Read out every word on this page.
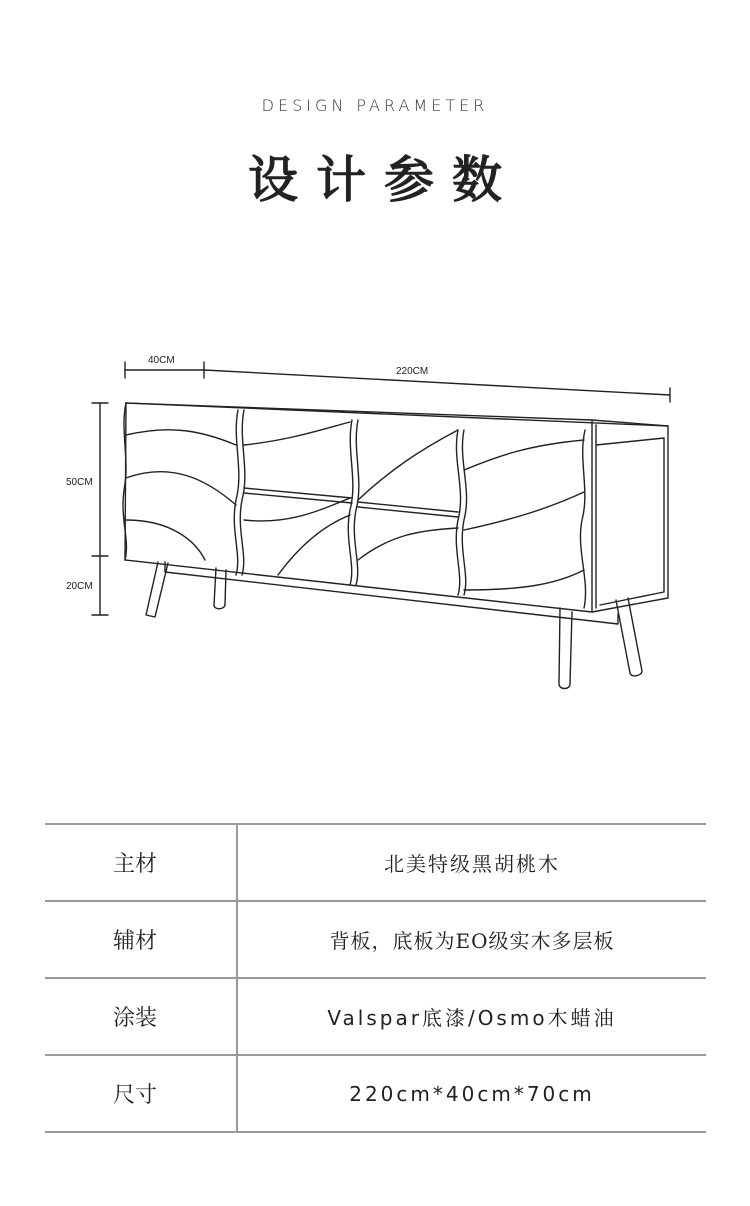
DESIGN PARAMETER
设计参数
40CM
220CM
50CM
20CM
主材	北美特级黑胡桃木
辅材	背板，底板为EO级实木多层板
涂装	Valspar底漆/Osmo木蜡油
尺寸	220cm*40cm*70cm
